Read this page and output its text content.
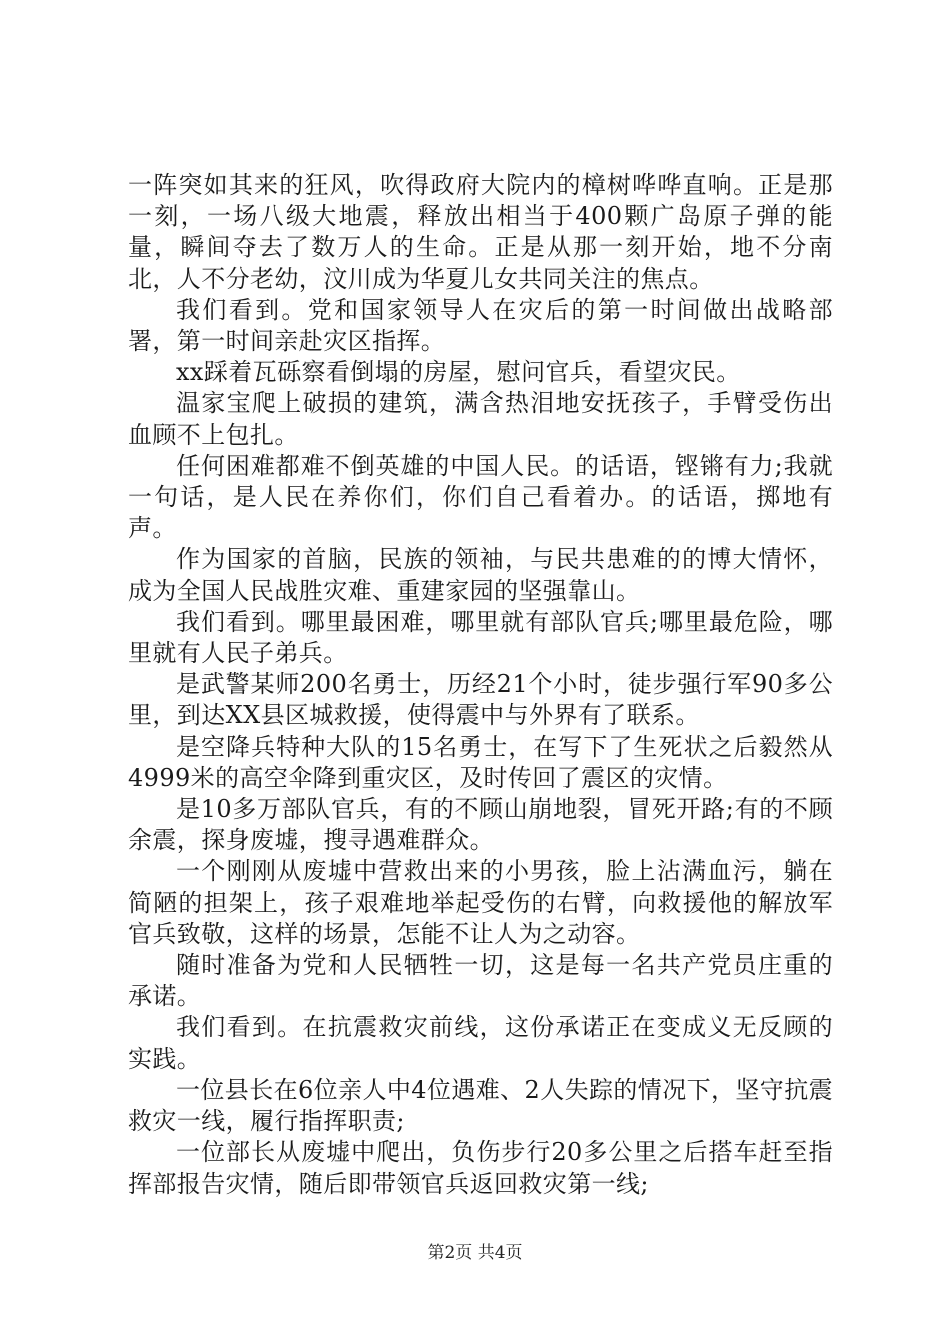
一阵突如其来的狂风，吹得政府大院内的樟树哗哗直响。正是那一刻，一场八级大地震，释放出相当于400颗广岛原子弹的能量，瞬间夺去了数万人的生命。正是从那一刻开始，地不分南北，人不分老幼，汶川成为华夏儿女共同关注的焦点。

我们看到。党和国家领导人在灾后的第一时间做出战略部署，第一时间亲赴灾区指挥。

xx踩着瓦砾察看倒塌的房屋，慰问官兵，看望灾民。

温家宝爬上破损的建筑，满含热泪地安抚孩子，手臂受伤出血顾不上包扎。

任何困难都难不倒英雄的中国人民。的话语，铿锵有力;我就一句话，是人民在养你们，你们自己看着办。的话语，掷地有声。

作为国家的首脑，民族的领袖，与民共患难的的博大情怀，成为全国人民战胜灾难、重建家园的坚强靠山。

我们看到。哪里最困难，哪里就有部队官兵;哪里最危险，哪里就有人民子弟兵。

是武警某师200名勇士，历经21个小时，徒步强行军90多公里，到达XX县区城救援，使得震中与外界有了联系。

是空降兵特种大队的15名勇士，在写下了生死状之后毅然从4999米的高空伞降到重灾区，及时传回了震区的灾情。

是10多万部队官兵，有的不顾山崩地裂，冒死开路;有的不顾余震，探身废墟，搜寻遇难群众。

一个刚刚从废墟中营救出来的小男孩，脸上沾满血污，躺在简陋的担架上，孩子艰难地举起受伤的右臂，向救援他的解放军官兵致敬，这样的场景，怎能不让人为之动容。

随时准备为党和人民牺牲一切，这是每一名共产党员庄重的承诺。

我们看到。在抗震救灾前线，这份承诺正在变成义无反顾的实践。

一位县长在6位亲人中4位遇难、2人失踪的情况下，坚守抗震救灾一线，履行指挥职责;

一位部长从废墟中爬出，负伤步行20多公里之后搭车赶至指挥部报告灾情，随后即带领官兵返回救灾第一线;

第2页 共4页
